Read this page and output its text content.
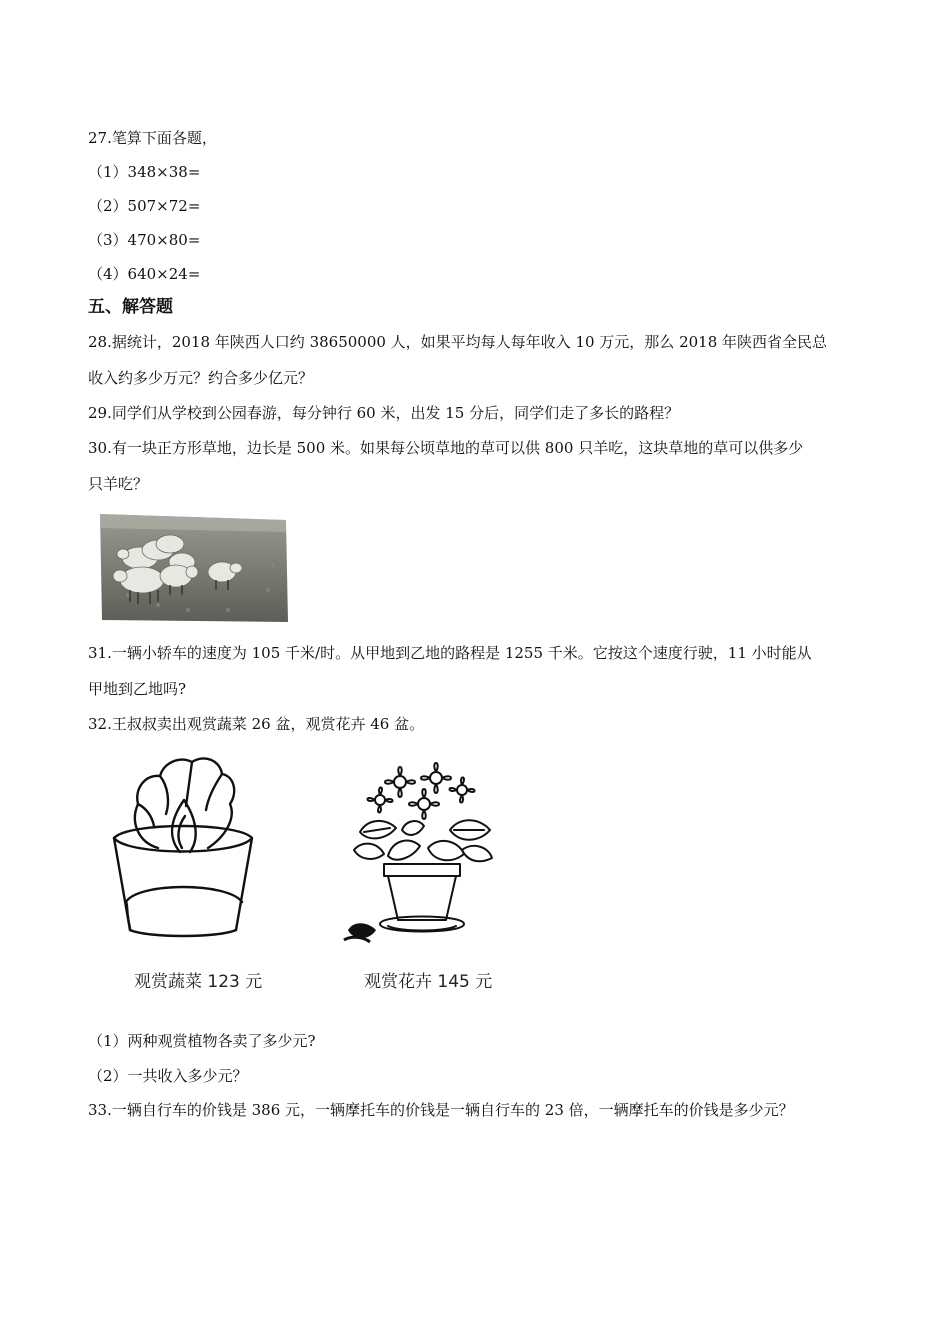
27.笔算下面各题，
（1）348×38=
（2）507×72=
（3）470×80=
（4）640×24=
五、解答题
28.据统计，2018 年陕西人口约 38650000 人，如果平均每人每年收入 10 万元，那么 2018 年陕西省全民总
收入约多少万元？约合多少亿元？
29.同学们从学校到公园春游，每分钟行 60 米，出发 15 分后，同学们走了多长的路程？
30.有一块正方形草地，边长是 500 米。如果每公顷草地的草可以供 800 只羊吃，这块草地的草可以供多少
只羊吃？
31.一辆小轿车的速度为 105 千米/时。从甲地到乙地的路程是 1255 千米。它按这个速度行驶，11 小时能从
甲地到乙地吗?
32.王叔叔卖出观赏蔬菜 26 盆，观赏花卉 46 盆。
观赏蔬菜 123 元	观赏花卉 145 元
（1）两种观赏植物各卖了多少元?
（2）一共收入多少元？
33.一辆自行车的价钱是 386 元，一辆摩托车的价钱是一辆自行车的 23 倍，一辆摩托车的价钱是多少元？
